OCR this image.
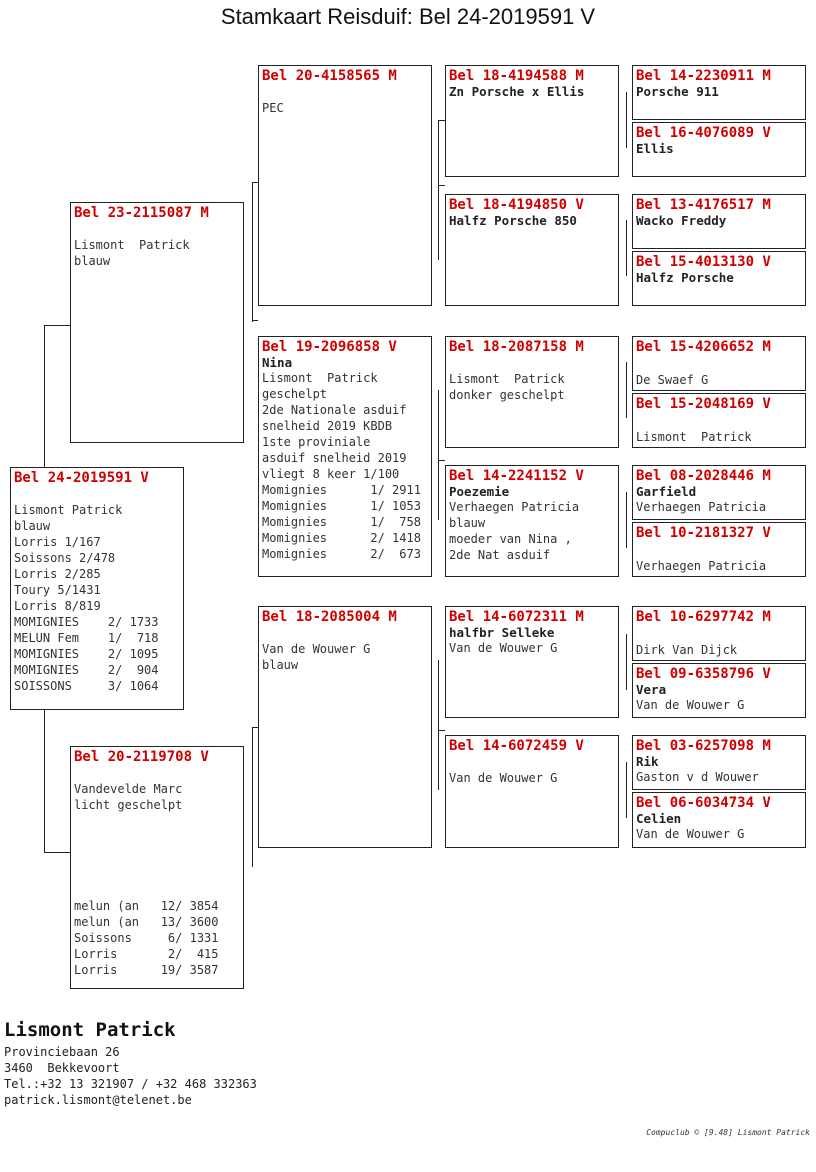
Stamkaart Reisduif: Bel 24-2019591 V
Bel 24-2019591 V
Lismont Patrick
blauw
Lorris 1/167
Soissons 2/478
Lorris 2/285
Toury 5/1431
Lorris 8/819
MOMIGNIES    2/ 1733
MELUN Fem    1/  718
MOMIGNIES    2/ 1095
MOMIGNIES    2/  904
SOISSONS     3/ 1064
Bel 23-2115087 M
Lismont  Patrick
blauw
Bel 20-2119708 V
Vandevelde Marc
licht geschelpt
melun (an   12/ 3854
melun (an   13/ 3600
Soissons     6/ 1331
Lorris       2/  415
Lorris      19/ 3587
Bel 20-4158565 M
PEC
Bel 19-2096858 V
Nina
Lismont  Patrick
geschelpt
2de Nationale asduif
snelheid 2019 KBDB
1ste proviniale
asduif snelheid 2019
vliegt 8 keer 1/100
Momignies      1/ 2911
Momignies      1/ 1053
Momignies      1/  758
Momignies      2/ 1418
Momignies      2/  673
Bel 18-2085004 M
Van de Wouwer G
blauw
Bel 18-4194588 M
Zn Porsche x Ellis
Bel 18-4194850 V
Halfz Porsche 850
Bel 18-2087158 M
Lismont  Patrick
donker geschelpt
Bel 14-2241152 V
Poezemie
Verhaegen Patricia
blauw
moeder van Nina ,
2de Nat asduif
Bel 14-6072311 M
halfbr Selleke
Van de Wouwer G
Bel 14-6072459 V
Van de Wouwer G
Bel 14-2230911 M
Porsche 911
Bel 16-4076089 V
Ellis
Bel 13-4176517 M
Wacko Freddy
Bel 15-4013130 V
Halfz Porsche
Bel 15-4206652 M
De Swaef G
Bel 15-2048169 V
Lismont  Patrick
Bel 08-2028446 M
Garfield
Verhaegen Patricia
Bel 10-2181327 V
Verhaegen Patricia
Bel 10-6297742 M
Dirk Van Dijck
Bel 09-6358796 V
Vera
Van de Wouwer G
Bel 03-6257098 M
Rik
Gaston v d Wouwer
Bel 06-6034734 V
Celien
Van de Wouwer G
Lismont Patrick
Provinciebaan 26
3460  Bekkevoort
Tel.:+32 13 321907 / +32 468 332363
patrick.lismont@telenet.be
Compuclub © [9.48] Lismont Patrick
